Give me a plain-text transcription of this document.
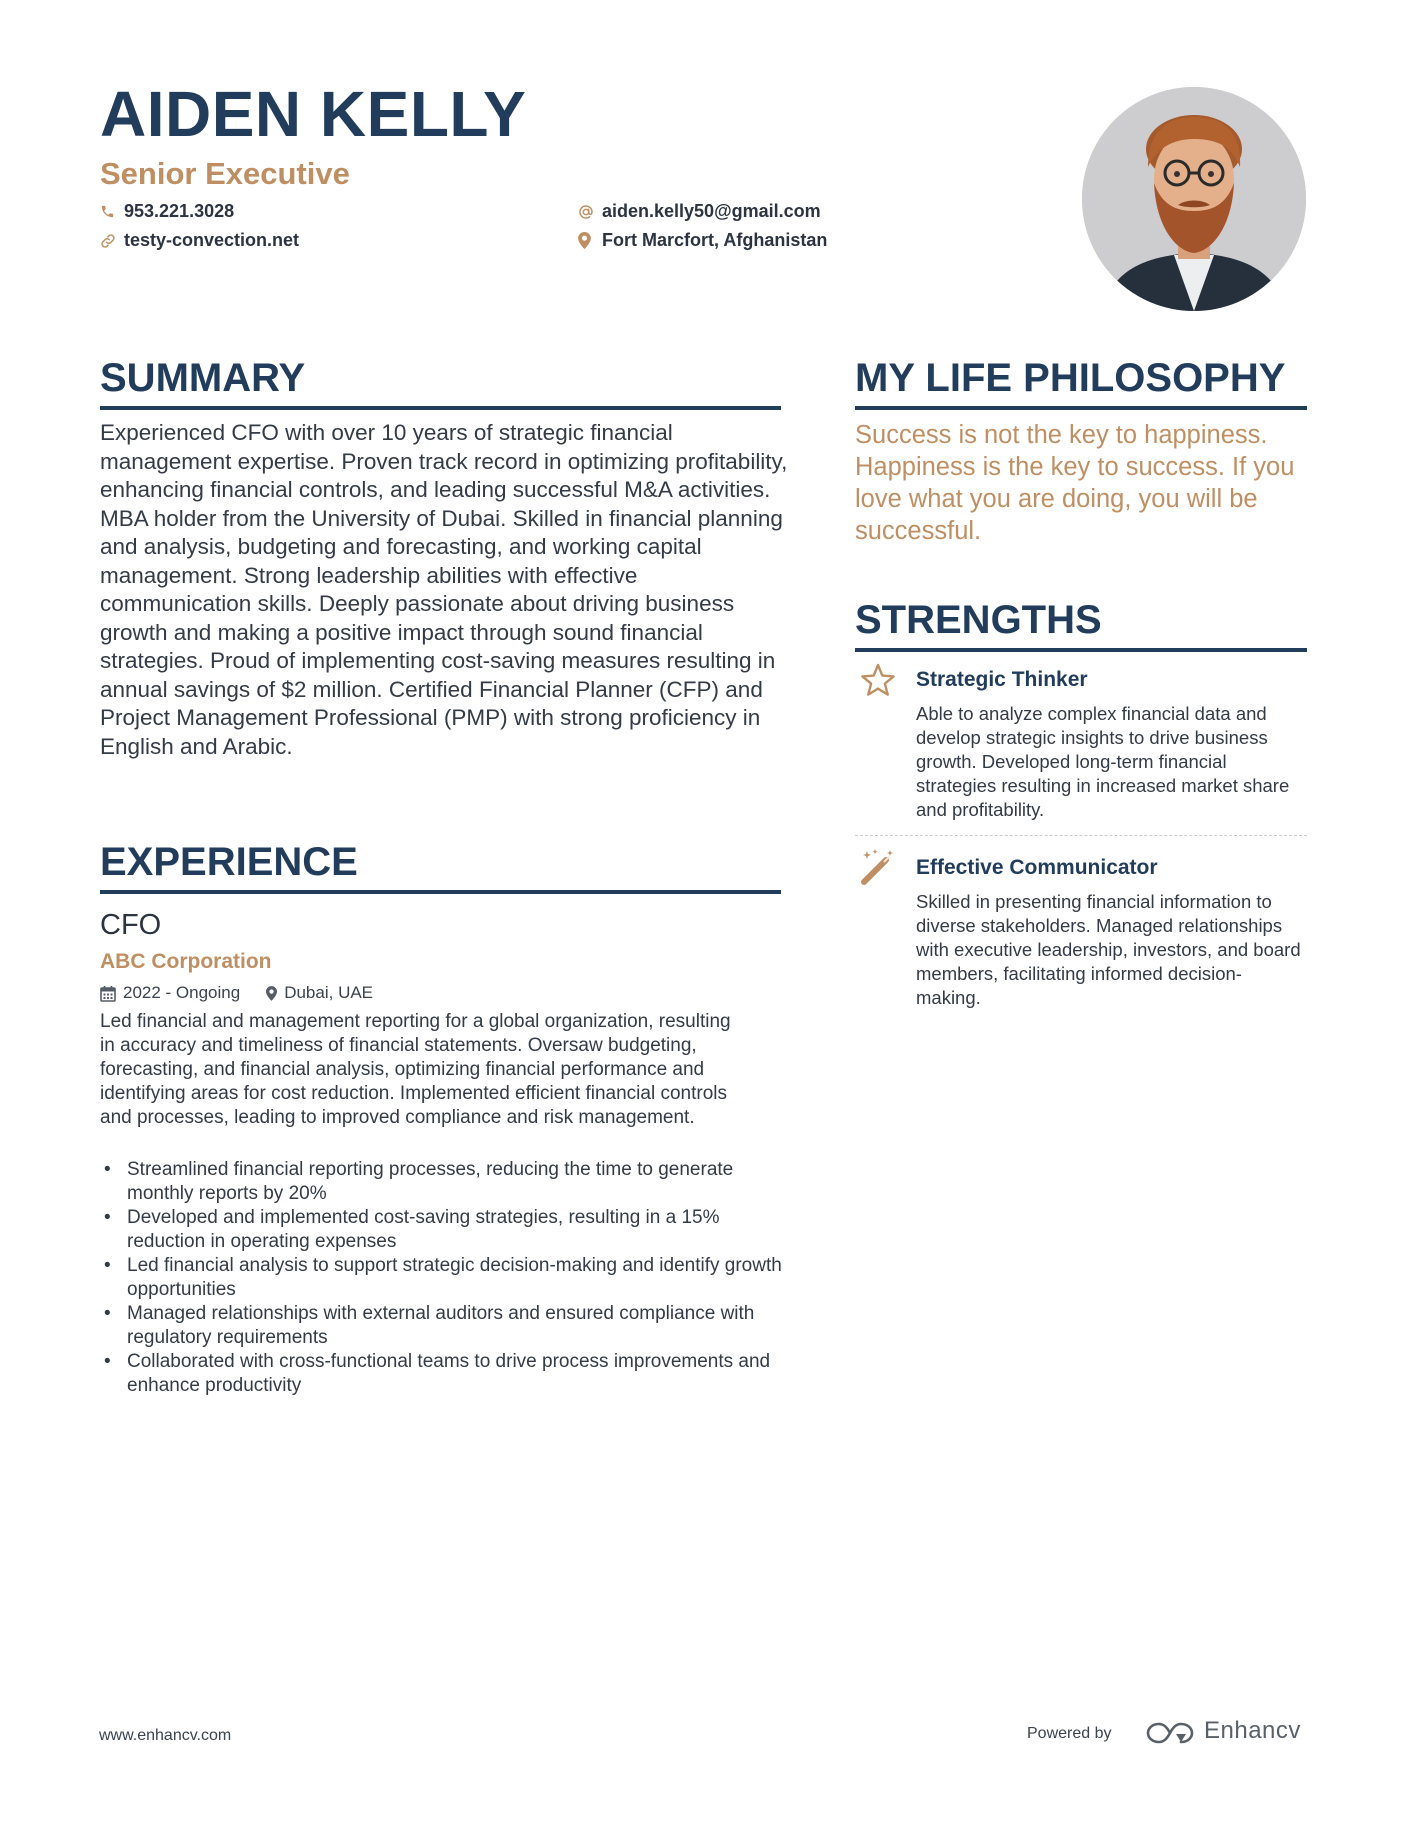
AIDEN KELLY
Senior Executive
953.221.3028	aiden.kelly50@gmail.com
testy-convection.net	Fort Marcfort, Afghanistan
SUMMARY

Experienced CFO with over 10 years of strategic financial management expertise. Proven track record in optimizing profitability, enhancing financial controls, and leading successful M&A activities. MBA holder from the University of Dubai. Skilled in financial planning and analysis, budgeting and forecasting, and working capital management. Strong leadership abilities with effective communication skills. Deeply passionate about driving business growth and making a positive impact through sound financial strategies. Proud of implementing cost-saving measures resulting in annual savings of $2 million. Certified Financial Planner (CFP) and Project Management Professional (PMP) with strong proficiency in English and Arabic.

EXPERIENCE
CFO
ABC Corporation
2022 - Ongoing	Dubai, UAE

Led financial and management reporting for a global organization, resulting in accuracy and timeliness of financial statements. Oversaw budgeting, forecasting, and financial analysis, optimizing financial performance and identifying areas for cost reduction. Implemented efficient financial controls and processes, leading to improved compliance and risk management.

• Streamlined financial reporting processes, reducing the time to generate monthly reports by 20%
• Developed and implemented cost-saving strategies, resulting in a 15% reduction in operating expenses
• Led financial analysis to support strategic decision-making and identify growth opportunities
• Managed relationships with external auditors and ensured compliance with regulatory requirements
• Collaborated with cross-functional teams to drive process improvements and enhance productivity
MY LIFE PHILOSOPHY

Success is not the key to happiness. Happiness is the key to success. If you love what you are doing, you will be successful.

STRENGTHS
Strategic Thinker

Able to analyze complex financial data and develop strategic insights to drive business growth. Developed long-term financial strategies resulting in increased market share and profitability.

Effective Communicator

Skilled in presenting financial information to diverse stakeholders. Managed relationships with executive leadership, investors, and board members, facilitating informed decision-making.

www.enhancv.com	Powered by	Enhancv
